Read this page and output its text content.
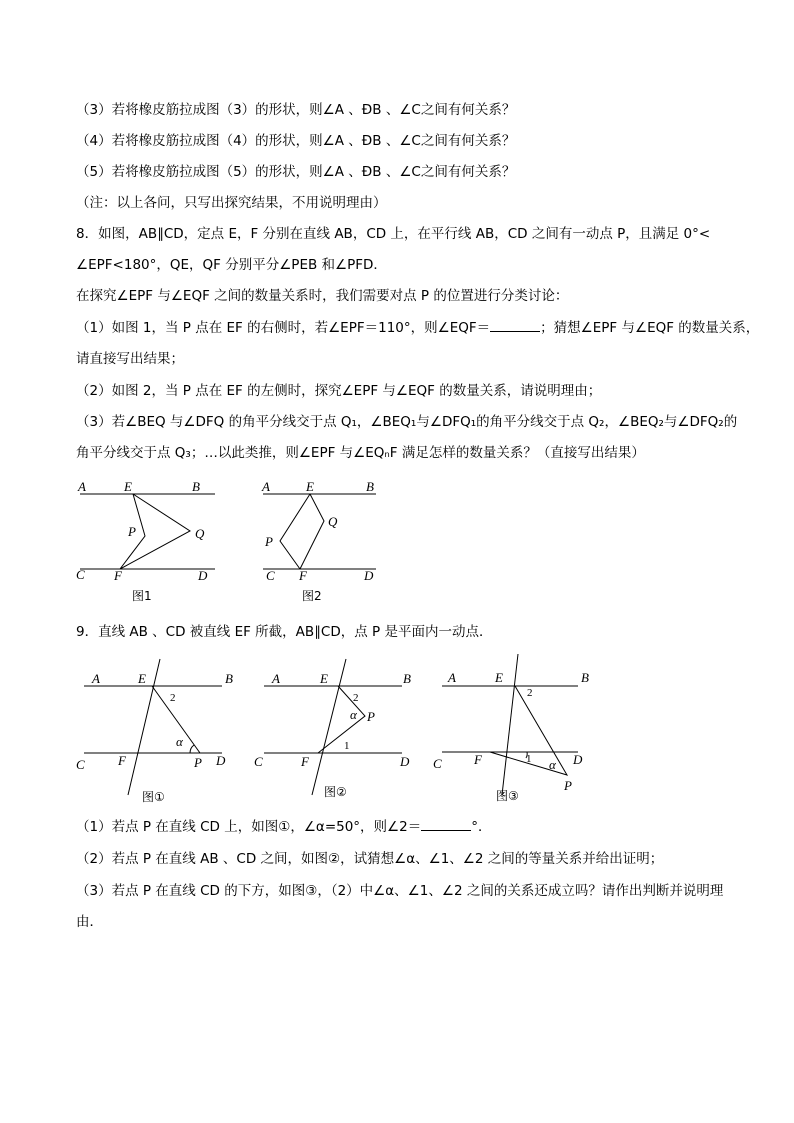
（3）若将橡皮筋拉成图（3）的形状，则∠A 、ÐB 、∠C之间有何关系？
（4）若将橡皮筋拉成图（4）的形状，则∠A 、ÐB 、∠C之间有何关系？
（5）若将橡皮筋拉成图（5）的形状，则∠A 、ÐB 、∠C之间有何关系？
（注：以上各问，只写出探究结果，不用说明理由）
8．如图，AB∥CD，定点 E，F 分别在直线 AB，CD 上，在平行线 AB，CD 之间有一动点 P，且满足 0°<
∠EPF<180°，QE，QF 分别平分∠PEB 和∠PFD．
在探究∠EPF 与∠EQF 之间的数量关系时，我们需要对点 P 的位置进行分类讨论：
（1）如图 1，当 P 点在 EF 的右侧时，若∠EPF＝110°，则∠EQF＝	；猜想∠EPF 与∠EQF 的数量关系，
请直接写出结果；
（2）如图 2，当 P 点在 EF 的左侧时，探究∠EPF 与∠EQF 的数量关系，请说明理由；
（3）若∠BEQ 与∠DFQ 的角平分线交于点 Q₁，∠BEQ₁与∠DFQ₁的角平分线交于点 Q₂，∠BEQ₂与∠DFQ₂的
角平分线交于点 Q₃；…以此类推，则∠EPF 与∠EQₙF 满足怎样的数量关系？（直接写出结果）
A	E	B
P	Q
C F	D
图1
A	E	B
P
Q
C F	D
图2
9．直线 AB 、CD 被直线 EF 所截，AB∥CD，点 P 是平面内一动点．
A	E	B
2
α
C	F	P D
图①
A	E	B
2
α P
1
C	F	D
图②
A	E	B
2
C F	1 α D
P
图③
（1）若点 P 在直线 CD 上，如图①，∠α=50°，则∠2＝	°．
（2）若点 P 在直线 AB 、CD 之间，如图②，试猜想∠α、∠1、∠2 之间的等量关系并给出证明；
（3）若点 P 在直线 CD 的下方，如图③，（2）中∠α、∠1、∠2 之间的关系还成立吗？请作出判断并说明理
由．
